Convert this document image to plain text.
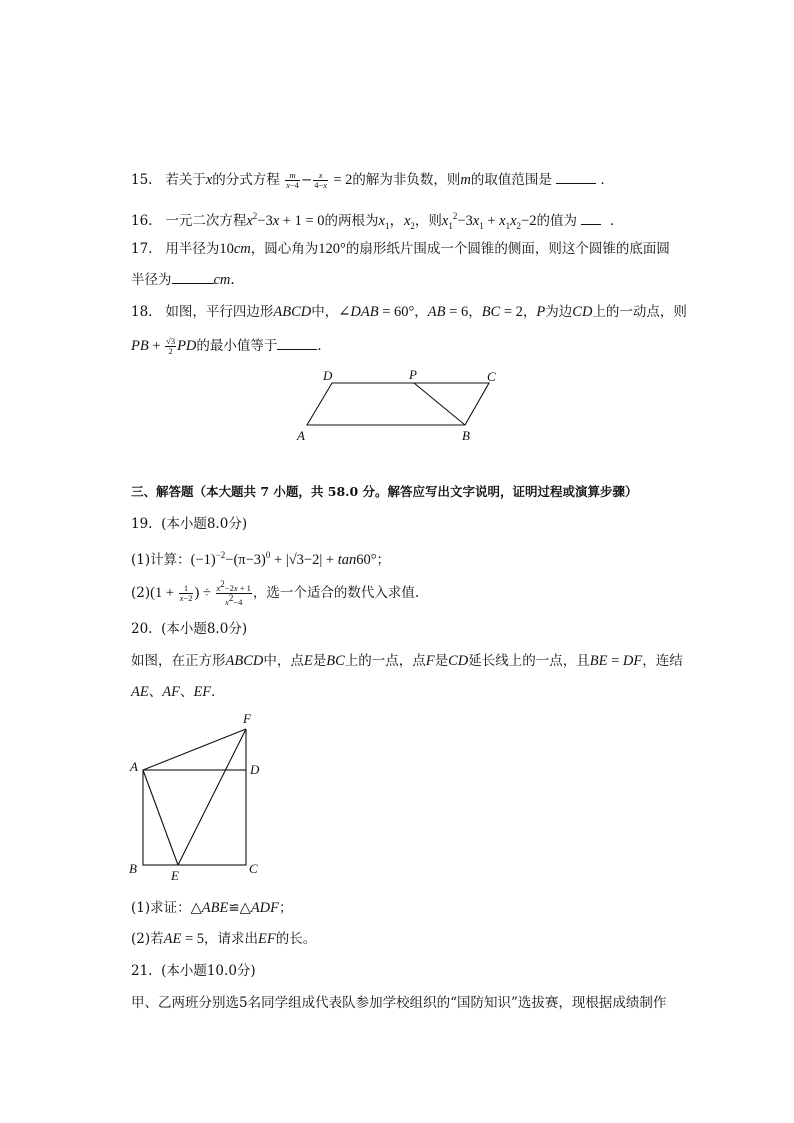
15. 若关于x的分式方程 $\frac{m}{x-4} - \frac{x}{4-x} = 2$的解为非负数，则m的取值范围是	．
16. 一元二次方程$x^2-3x + 1 = 0$的两根为$x_1$，$x_2$，则$x_1^2-3x_1 + x_1x_2-2$的值为 ．
17. 用半径为10cm，圆心角为120°的扇形纸片围成一个圆锥的侧面，则这个圆锥的底面圆
半径为	cm.
18. 如图，平行四边形ABCD中，∠DAB = 60°，AB = 6，BC = 2，P为边CD上的一动点，则
PB + $\frac{√3}{2}$ PD的最小值等于	．
D	P	C
A	B
三、解答题（本大题共 7 小题，共 58.0 分。解答应写出文字说明，证明过程或演算步骤）
19. (本小题8.0分)
(1)计算：$(-1)^{-2}-(\pi-3)^0 + |√3-2| + \tan 60^\circ$；
$(2)(1 + \frac{1}{x-2}$ ) ÷ $\frac{x^2-2x + 1}{x^2-4}$ ，选一个适合的数代入求值.
20. (本小题8.0分)
如图，在正方形ABCD中，点E是BC上的一点，点F是CD延长线上的一点，且BE = DF，连结
AE、AF、EF．
F
A	D
B	E	C
(1)求证：△ABE≌△ADF；
(2)若AE = 5，请求出EF的长。
21. (本小题10.0分)
甲、乙两班分别选5名同学组成代表队参加学校组织的“国防知识”选拔赛，现根据成绩制作
